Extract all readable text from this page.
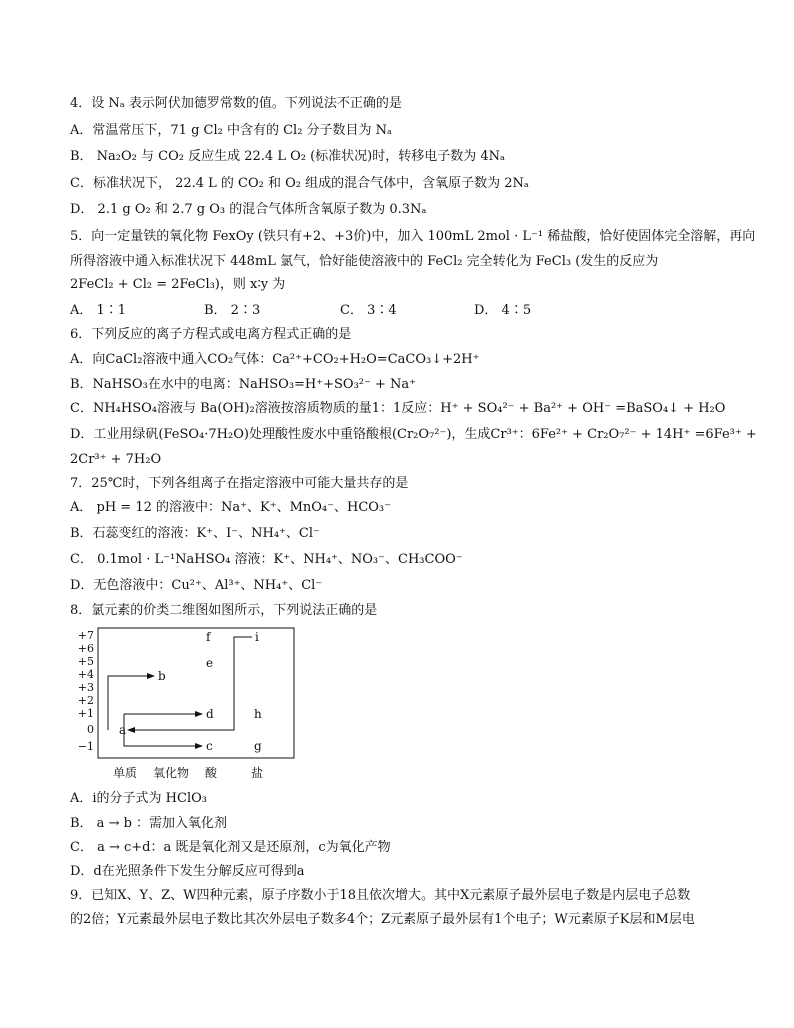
4．设 Nₐ 表示阿伏加德罗常数的值。下列说法不正确的是
A．常温常压下，71 g Cl₂ 中含有的 Cl₂ 分子数目为 Nₐ
B． Na₂O₂ 与 CO₂ 反应生成 22.4 L O₂ (标准状况)时，转移电子数为 4Nₐ
C．标准状况下， 22.4 L 的 CO₂ 和 O₂ 组成的混合气体中，含氧原子数为 2Nₐ
D． 2.1 g O₂ 和 2.7 g O₃ 的混合气体所含氧原子数为 0.3Nₐ
5．向一定量铁的氧化物 FexOy (铁只有+2、+3价)中，加入 100mL 2mol · L⁻¹ 稀盐酸，恰好使固体完全溶解，再向
所得溶液中通入标准状况下 448mL 氯气，恰好能使溶液中的 FeCl₂ 完全转化为 FeCl₃ (发生的反应为
2FeCl₂ + Cl₂ = 2FeCl₃)，则 x∶y 为
A． 1∶1	B． 2∶3	C． 3∶4	D． 4∶5
6．下列反应的离子方程式或电离方程式正确的是
A．向CaCl₂溶液中通入CO₂气体：Ca²⁺+CO₂+H₂O=CaCO₃↓+2H⁺
B．NaHSO₃在水中的电离：NaHSO₃=H⁺+SO₃²⁻ + Na⁺
C．NH₄HSO₄溶液与 Ba(OH)₂溶液按溶质物质的量1：1反应：H⁺ + SO₄²⁻ + Ba²⁺ + OH⁻ =BaSO₄↓ + H₂O
D．工业用绿矾(FeSO₄·7H₂O)处理酸性废水中重铬酸根(Cr₂O₇²⁻)，生成Cr³⁺：6Fe²⁺ + Cr₂O₇²⁻ + 14H⁺ =6Fe³⁺ +
2Cr³⁺ + 7H₂O
7．25℃时，下列各组离子在指定溶液中可能大量共存的是
A． pH = 12 的溶液中：Na⁺、K⁺、MnO₄⁻、HCO₃⁻
B．石蕊变红的溶液：K⁺、I⁻、NH₄⁺、Cl⁻
C． 0.1mol · L⁻¹NaHSO₄ 溶液：K⁺、NH₄⁺、NO₃⁻、CH₃COO⁻
D．无色溶液中：Cu²⁺、Al³⁺、NH₄⁺、Cl⁻
8．氯元素的价类二维图如图所示，下列说法正确的是
+7
+6
+5
+4
+3
+2
+1
0
−1
f	i
e
b
d	h
a
c	g
单质 氧化物 酸	盐
A．i的分子式为 HClO₃
B． a → b ：需加入氧化剂
C． a → c+d：a 既是氧化剂又是还原剂，c为氧化产物
D．d在光照条件下发生分解反应可得到a
9．已知X、Y、Z、W四种元素，原子序数小于18且依次增大。其中X元素原子最外层电子数是内层电子总数
的2倍；Y元素最外层电子数比其次外层电子数多4个；Z元素原子最外层有1个电子；W元素原子K层和M层电
